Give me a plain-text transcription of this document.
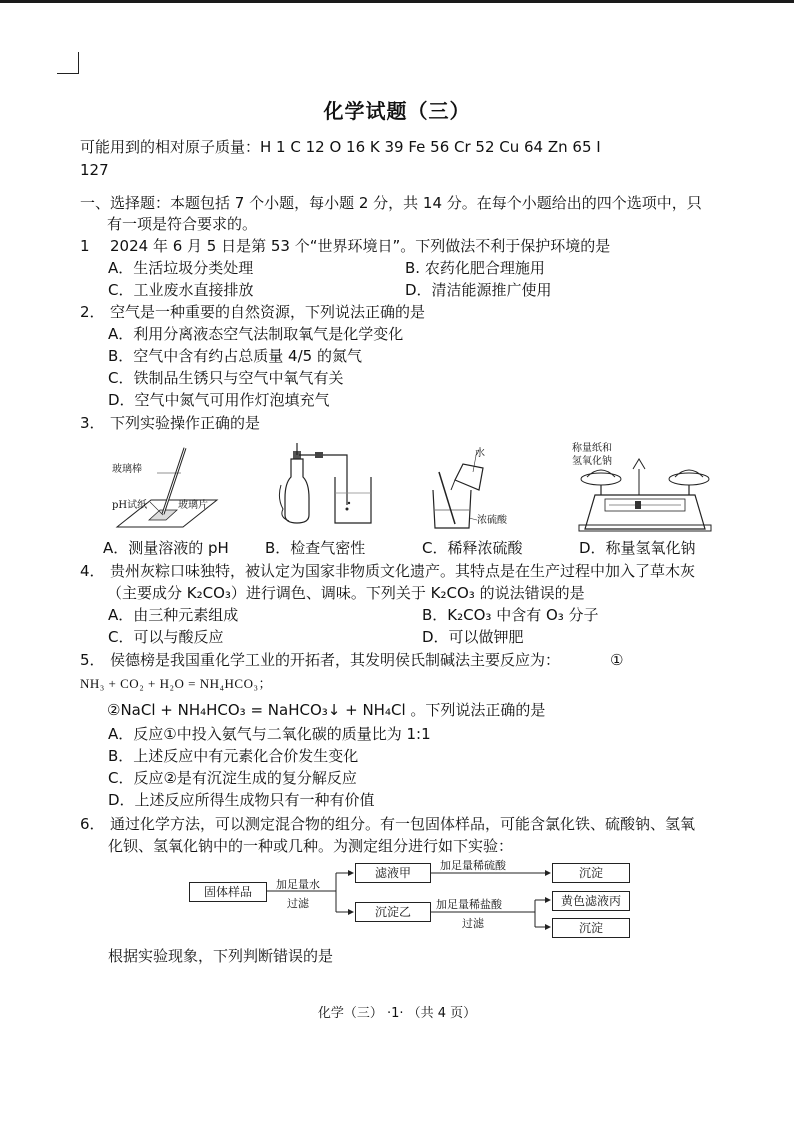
化学试题（三）
可能用到的相对原子质量：H 1 C 12 O 16 K 39 Fe 56 Cr 52 Cu 64 Zn 65 I
127
一、选择题：本题包括 7 个小题，每小题 2 分，共 14 分。在每个小题给出的四个选项中，只
有一项是符合要求的。
1 2024 年 6 月 5 日是第 53 个“世界环境日”。下列做法不利于保护环境的是
A．生活垃圾分类处理	B. 农药化肥合理施用
C．工业废水直接排放	D．清洁能源推广使用
2． 空气是一种重要的自然资源，下列说法正确的是
A．利用分离液态空气法制取氧气是化学变化
B．空气中含有约占总质量 4/5 的氮气
C．铁制品生锈只与空气中氧气有关
D．空气中氮气可用作灯泡填充气
3． 下列实验操作正确的是
玻璃棒
pH试纸	玻璃片
水
浓硫酸
称量纸和
氢氧化钠
A．测量溶液的 pH B．检查气密性	C．稀释浓硫酸	D．称量氢氧化钠
4． 贵州灰粽口味独特，被认定为国家非物质文化遗产。其特点是在生产过程中加入了草木灰
（主要成分 K₂CO₃）进行调色、调味。下列关于 K₂CO₃ 的说法错误的是
A．由三种元素组成	B．K₂CO₃ 中含有 O₃ 分子
C．可以与酸反应	D．可以做钾肥
5． 侯德榜是我国重化学工业的开拓者，其发明侯氏制碱法主要反应为：	①
NH₃ + CO₂ + H₂O = NH₄HCO₃；
②NaCl + NH₄HCO₃ = NaHCO₃↓ + NH₄Cl 。下列说法正确的是
A．反应①中投入氨气与二氧化碳的质量比为 1:1
B．上述反应中有元素化合价发生变化
C．反应②是有沉淀生成的复分解反应
D．上述反应所得生成物只有一种有价值
6． 通过化学方法，可以测定混合物的组分。有一包固体样品，可能含氯化铁、硫酸钠、氢氧
化钡、氢氧化钠中的一种或几种。为测定组分进行如下实验：
固体样品
加足量水
过滤
滤液甲
沉淀乙
加足量稀硫酸
沉淀
加足量稀盐酸
过滤
黄色滤液丙
沉淀
根据实验现象，下列判断错误的是
化学（三） ·1· （共 4 页）
